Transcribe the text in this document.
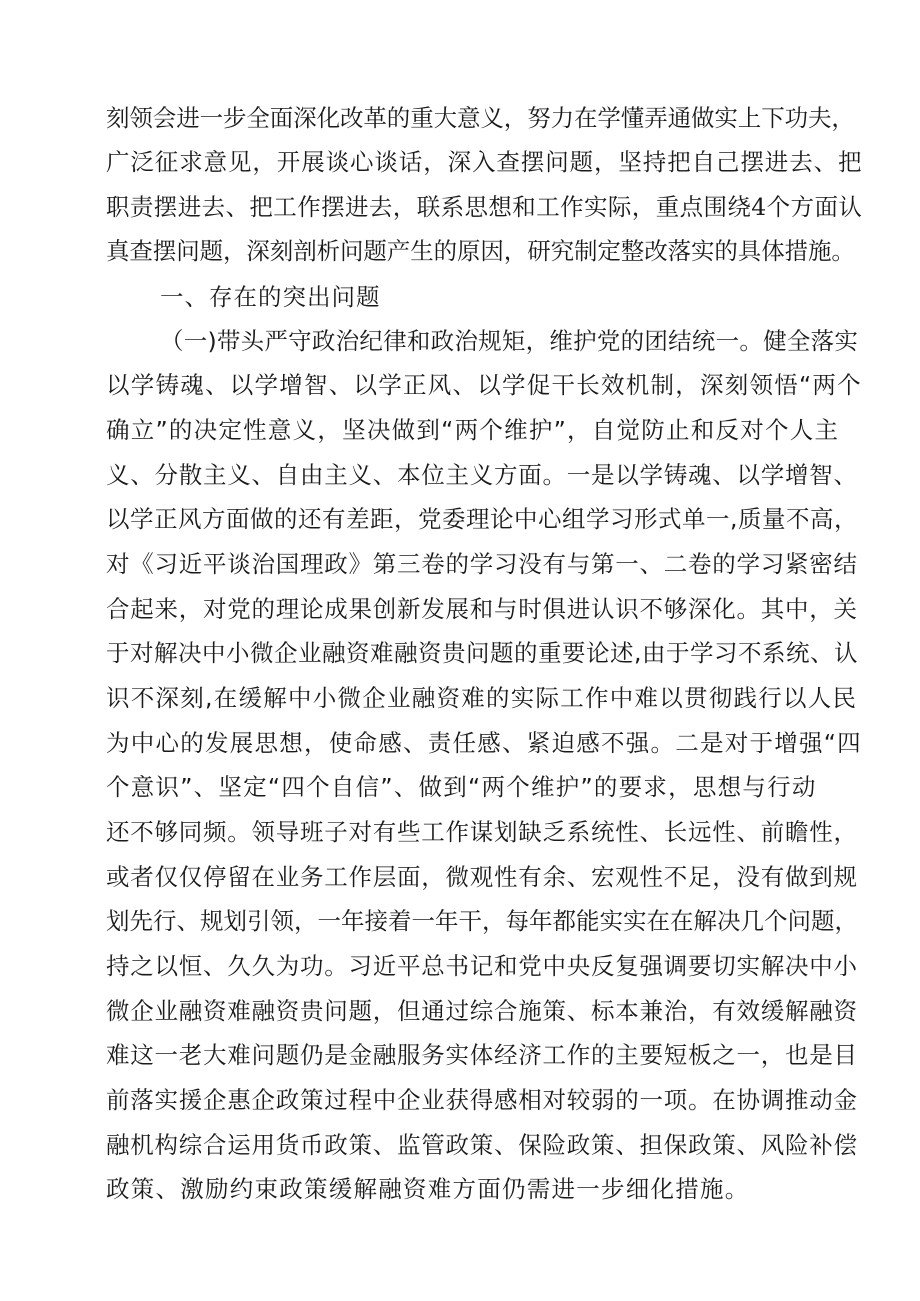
刻领会进一步全面深化改革的重大意义，努力在学懂弄通做实上下功夫，
广泛征求意见，开展谈心谈话，深入查摆问题，坚持把自己摆进去、把
职责摆进去、把工作摆进去，联系思想和工作实际，重点围绕4个方面认
真查摆问题，深刻剖析问题产生的原因，研究制定整改落实的具体措施。
一、存在的突出问题
（一)带头严守政治纪律和政治规矩，维护党的团结统一。健全落实
以学铸魂、以学增智、以学正风、以学促干长效机制，深刻领悟“两个
确立”的决定性意义，坚决做到“两个维护”，自觉防止和反对个人主
义、分散主义、自由主义、本位主义方面。一是以学铸魂、以学增智、
以学正风方面做的还有差距，党委理论中心组学习形式单一,质量不高，
对《习近平谈治国理政》第三卷的学习没有与第一、二卷的学习紧密结
合起来，对党的理论成果创新发展和与时俱进认识不够深化。其中，关
于对解决中小微企业融资难融资贵问题的重要论述,由于学习不系统、认
识不深刻,在缓解中小微企业融资难的实际工作中难以贯彻践行以人民
为中心的发展思想，使命感、责任感、紧迫感不强。二是对于增强“四
个意识”、坚定“四个自信”、做到“两个维护”的要求，思想与行动
还不够同频。领导班子对有些工作谋划缺乏系统性、长远性、前瞻性，
或者仅仅停留在业务工作层面，微观性有余、宏观性不足，没有做到规
划先行、规划引领，一年接着一年干，每年都能实实在在解决几个问题，
持之以恒、久久为功。习近平总书记和党中央反复强调要切实解决中小
微企业融资难融资贵问题，但通过综合施策、标本兼治，有效缓解融资
难这一老大难问题仍是金融服务实体经济工作的主要短板之一，也是目
前落实援企惠企政策过程中企业获得感相对较弱的一项。在协调推动金
融机构综合运用货币政策、监管政策、保险政策、担保政策、风险补偿
政策、激励约束政策缓解融资难方面仍需进一步细化措施。
